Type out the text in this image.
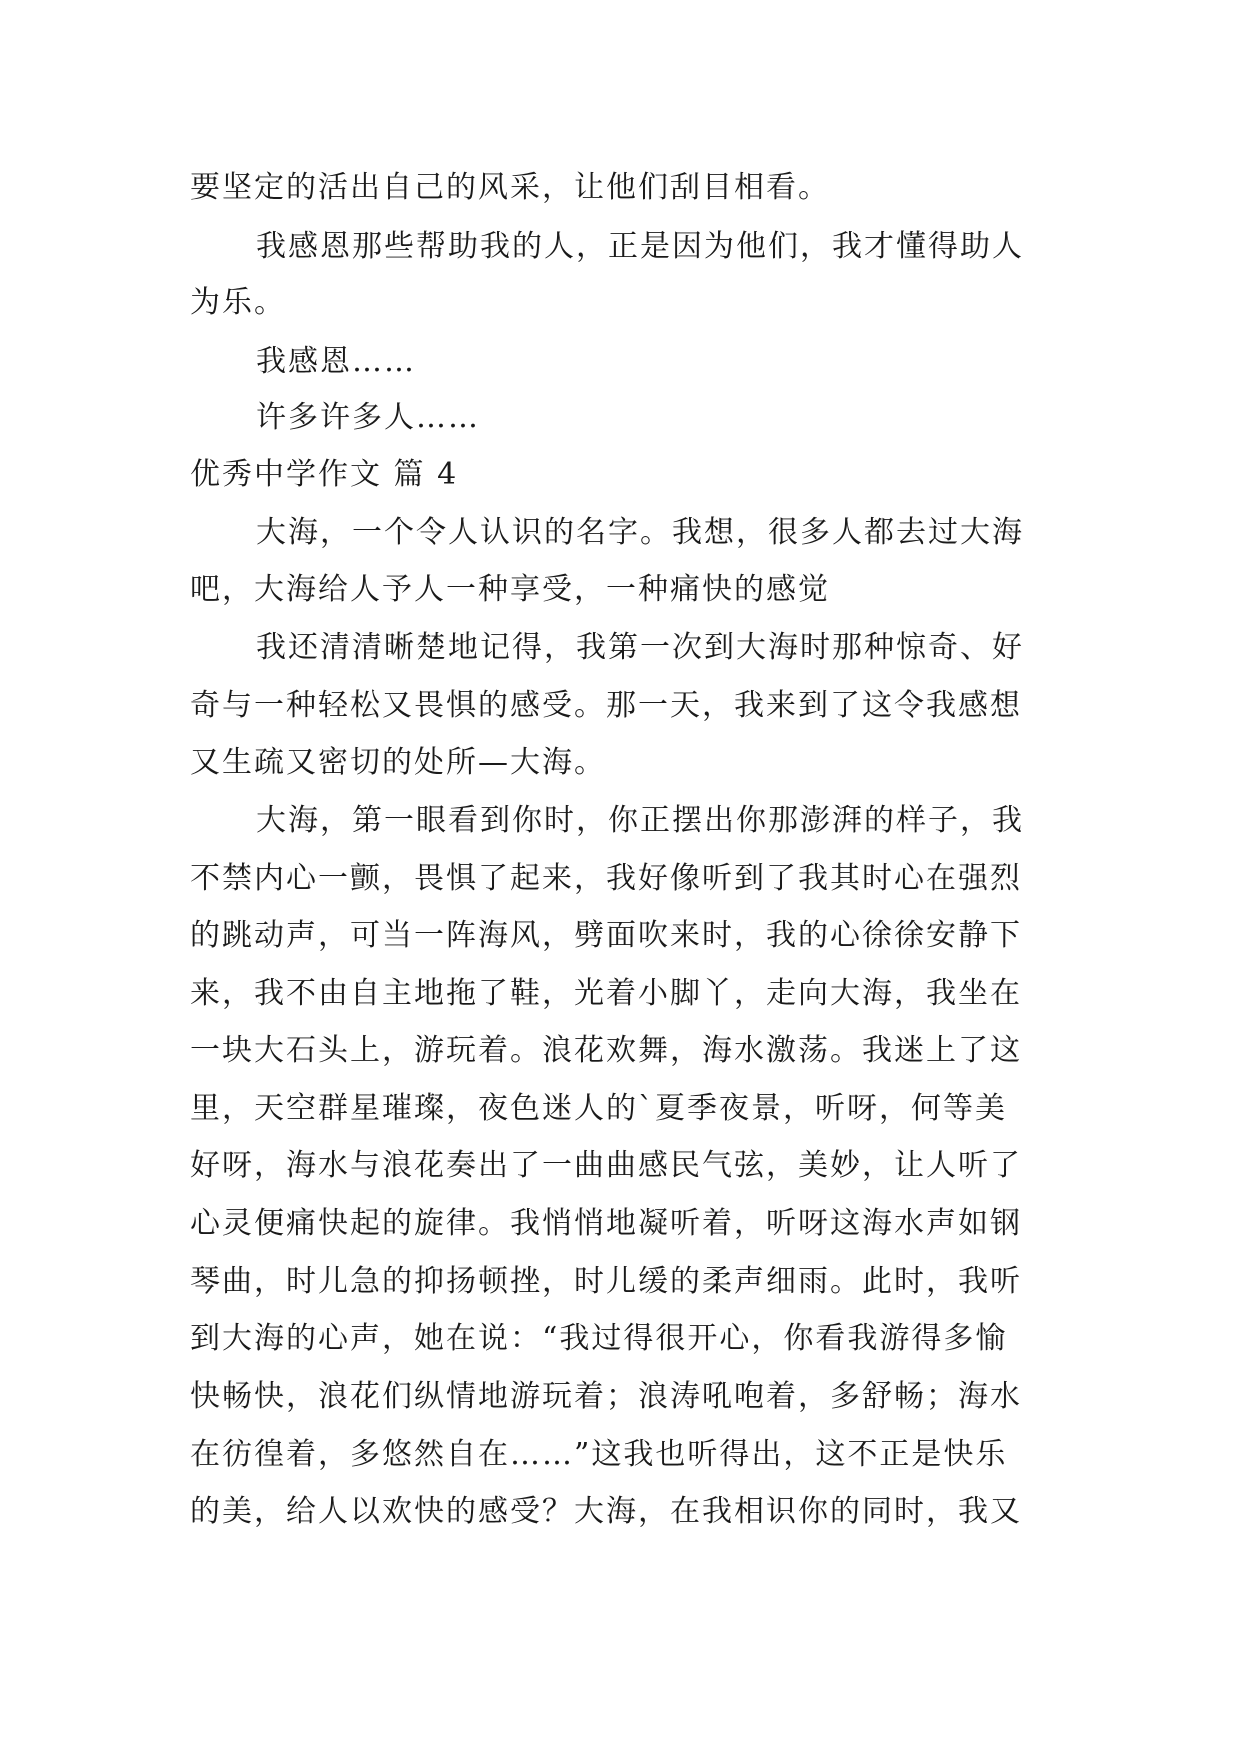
要坚定的活出自己的风采，让他们刮目相看。
我感恩那些帮助我的人，正是因为他们，我才懂得助人
为乐。
我感恩……
许多许多人……
优秀中学作文 篇 4
大海，一个令人认识的名字。我想，很多人都去过大海
吧，大海给人予人一种享受，一种痛快的感觉
我还清清晰楚地记得，我第一次到大海时那种惊奇、好
奇与一种轻松又畏惧的感受。那一天，我来到了这令我感想
又生疏又密切的处所—大海。
大海，第一眼看到你时，你正摆出你那澎湃的样子，我
不禁内心一颤，畏惧了起来，我好像听到了我其时心在强烈
的跳动声，可当一阵海风，劈面吹来时，我的心徐徐安静下
来，我不由自主地拖了鞋，光着小脚丫，走向大海，我坐在
一块大石头上，游玩着。浪花欢舞，海水激荡。我迷上了这
里，天空群星璀璨，夜色迷人的`夏季夜景，听呀，何等美
好呀，海水与浪花奏出了一曲曲感民气弦，美妙，让人听了
心灵便痛快起的旋律。我悄悄地凝听着，听呀这海水声如钢
琴曲，时儿急的抑扬顿挫，时儿缓的柔声细雨。此时，我听
到大海的心声，她在说：“我过得很开心，你看我游得多愉
快畅快，浪花们纵情地游玩着；浪涛吼咆着，多舒畅；海水
在彷徨着，多悠然自在……”这我也听得出，这不正是快乐
的美，给人以欢快的感受？大海，在我相识你的同时，我又
